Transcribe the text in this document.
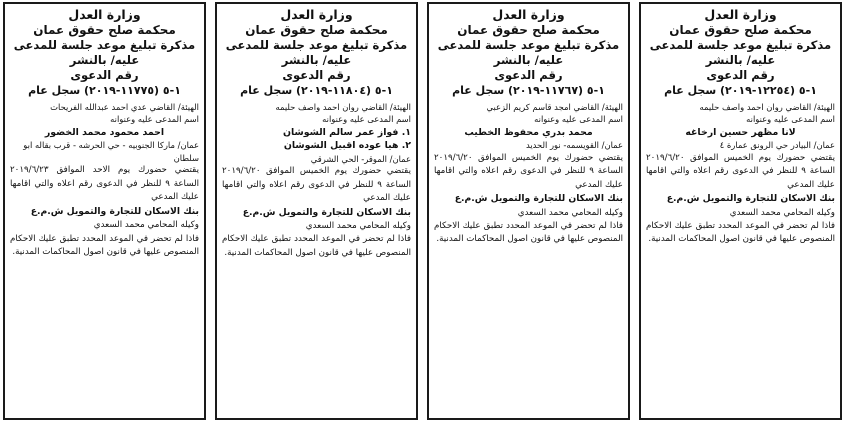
وزارة العدل
محكمة صلح حقوق عمان
مذكرة تبليغ موعد جلسة للمدعى
عليه/ بالنشر
رقم الدعوى
١-٥ (١٢٢٥٤-٢٠١٩) سجل عام
الهيئة/ القاضي روان احمد واصف حليمه
اسم المدعى عليه وعنوانه
لانا مظهر حسين ارخاغه
عمان/ البيادر حي الرونق عمارة ٤
يقتضي حضورك يوم الخميس الموافق ٢٠١٩/٦/٢٠ الساعة ٩ للنظر في الدعوى رقم اعلاه والتي اقامها عليك المدعي
بنك الاسكان للتجارة والتمويل ش.م.ع
وكيله المحامي محمد السعدي
فاذا لم تحضر في الموعد المحدد تطبق عليك الاحكام المنصوص عليها في قانون اصول المحاكمات المدنية.
وزارة العدل
محكمة صلح حقوق عمان
مذكرة تبليغ موعد جلسة للمدعى
عليه/ بالنشر
رقم الدعوى
١-٥ (١١٧٦٧-٢٠١٩) سجل عام
الهيئة/ القاضي امجد قاسم كريم الزعبي
اسم المدعى عليه وعنوانه
محمد بدري محفوظ الخطيب
عمان/ القويسمه- نور الحديد
يقتضي حضورك يوم الخميس الموافق ٢٠١٩/٦/٢٠ الساعة ٩ للنظر في الدعوى رقم اعلاه والتي اقامها عليك المدعي
بنك الاسكان للتجارة والتمويل ش.م.ع
وكيله المحامي محمد السعدي
فاذا لم تحضر في الموعد المحدد تطبق عليك الاحكام المنصوص عليها في قانون اصول المحاكمات المدنية.
وزارة العدل
محكمة صلح حقوق عمان
مذكرة تبليغ موعد جلسة للمدعى
عليه/ بالنشر
رقم الدعوى
١-٥ (١١٨٠٤-٢٠١٩) سجل عام
الهيئة/ القاضي روان احمد واصف حليمه
اسم المدعى عليه وعنوانه
١. فواز عمر سالم الشوشان
٢. هيا عوده اقبيل الشوشان
عمان/ الموقر- الحي الشرقي
يقتضي حضورك يوم الخميس الموافق ٢٠١٩/٦/٢٠ الساعة ٩ للنظر في الدعوى رقم اعلاه والتي اقامها عليك المدعي
بنك الاسكان للتجارة والتمويل ش.م.ع
وكيله المحامي محمد السعدي
فاذا لم تحضر في الموعد المحدد تطبق عليك الاحكام المنصوص عليها في قانون اصول المحاكمات المدنية.
وزارة العدل
محكمة صلح حقوق عمان
مذكرة تبليغ موعد جلسة للمدعى
عليه/ بالنشر
رقم الدعوى
١-٥ (١١٧٧٥-٢٠١٩) سجل عام
الهيئة/ القاضي عدي احمد عبدالله الفريحات
اسم المدعى عليه وعنوانه
احمد محمود محمد الخضور
عمان/ ماركا الجنوبيه - حي الحرشه - قرب بقاله ابو سلطان
يقتضي حضورك يوم الاحد الموافق ٢٠١٩/٦/٢٣ الساعة ٩ للنظر في الدعوى رقم اعلاه والتي اقامها عليك المدعي
بنك الاسكان للتجارة والتمويل ش.م.ع
وكيله المحامي محمد السعدي
فاذا لم تحضر في الموعد المحدد تطبق عليك الاحكام المنصوص عليها في قانون اصول المحاكمات المدنية.
